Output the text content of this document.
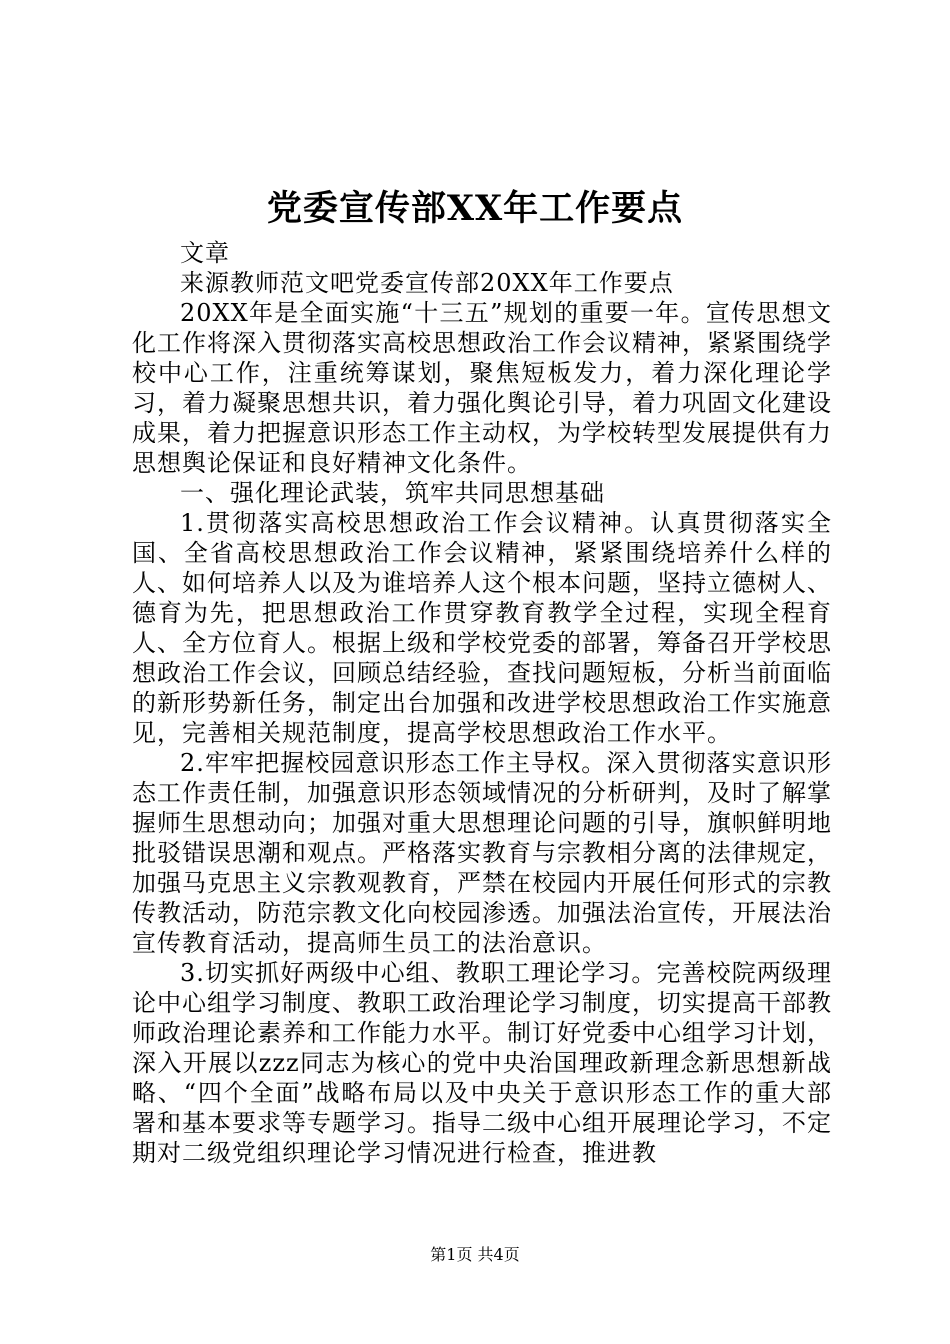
党委宣传部XX年工作要点

文章

来源教师范文吧党委宣传部20XX年工作要点

20XX年是全面实施“十三五”规划的重要一年。宣传思想文化工作将深入贯彻落实高校思想政治工作会议精神，紧紧围绕学校中心工作，注重统筹谋划，聚焦短板发力，着力深化理论学习，着力凝聚思想共识，着力强化舆论引导，着力巩固文化建设成果，着力把握意识形态工作主动权，为学校转型发展提供有力思想舆论保证和良好精神文化条件。

一、强化理论武装，筑牢共同思想基础

1.贯彻落实高校思想政治工作会议精神。认真贯彻落实全国、全省高校思想政治工作会议精神，紧紧围绕培养什么样的人、如何培养人以及为谁培养人这个根本问题，坚持立德树人、德育为先，把思想政治工作贯穿教育教学全过程，实现全程育人、全方位育人。根据上级和学校党委的部署，筹备召开学校思想政治工作会议，回顾总结经验，查找问题短板，分析当前面临的新形势新任务，制定出台加强和改进学校思想政治工作实施意见，完善相关规范制度，提高学校思想政治工作水平。

2.牢牢把握校园意识形态工作主导权。深入贯彻落实意识形态工作责任制，加强意识形态领域情况的分析研判，及时了解掌握师生思想动向；加强对重大思想理论问题的引导，旗帜鲜明地批驳错误思潮和观点。严格落实教育与宗教相分离的法律规定，加强马克思主义宗教观教育，严禁在校园内开展任何形式的宗教传教活动，防范宗教文化向校园渗透。加强法治宣传，开展法治宣传教育活动，提高师生员工的法治意识。

3.切实抓好两级中心组、教职工理论学习。完善校院两级理论中心组学习制度、教职工政治理论学习制度，切实提高干部教师政治理论素养和工作能力水平。制订好党委中心组学习计划，深入开展以zzz同志为核心的党中央治国理政新理念新思想新战略、“四个全面”战略布局以及中央关于意识形态工作的重大部署和基本要求等专题学习。指导二级中心组开展理论学习，不定期对二级党组织理论学习情况进行检查，推进教

第1页 共4页
